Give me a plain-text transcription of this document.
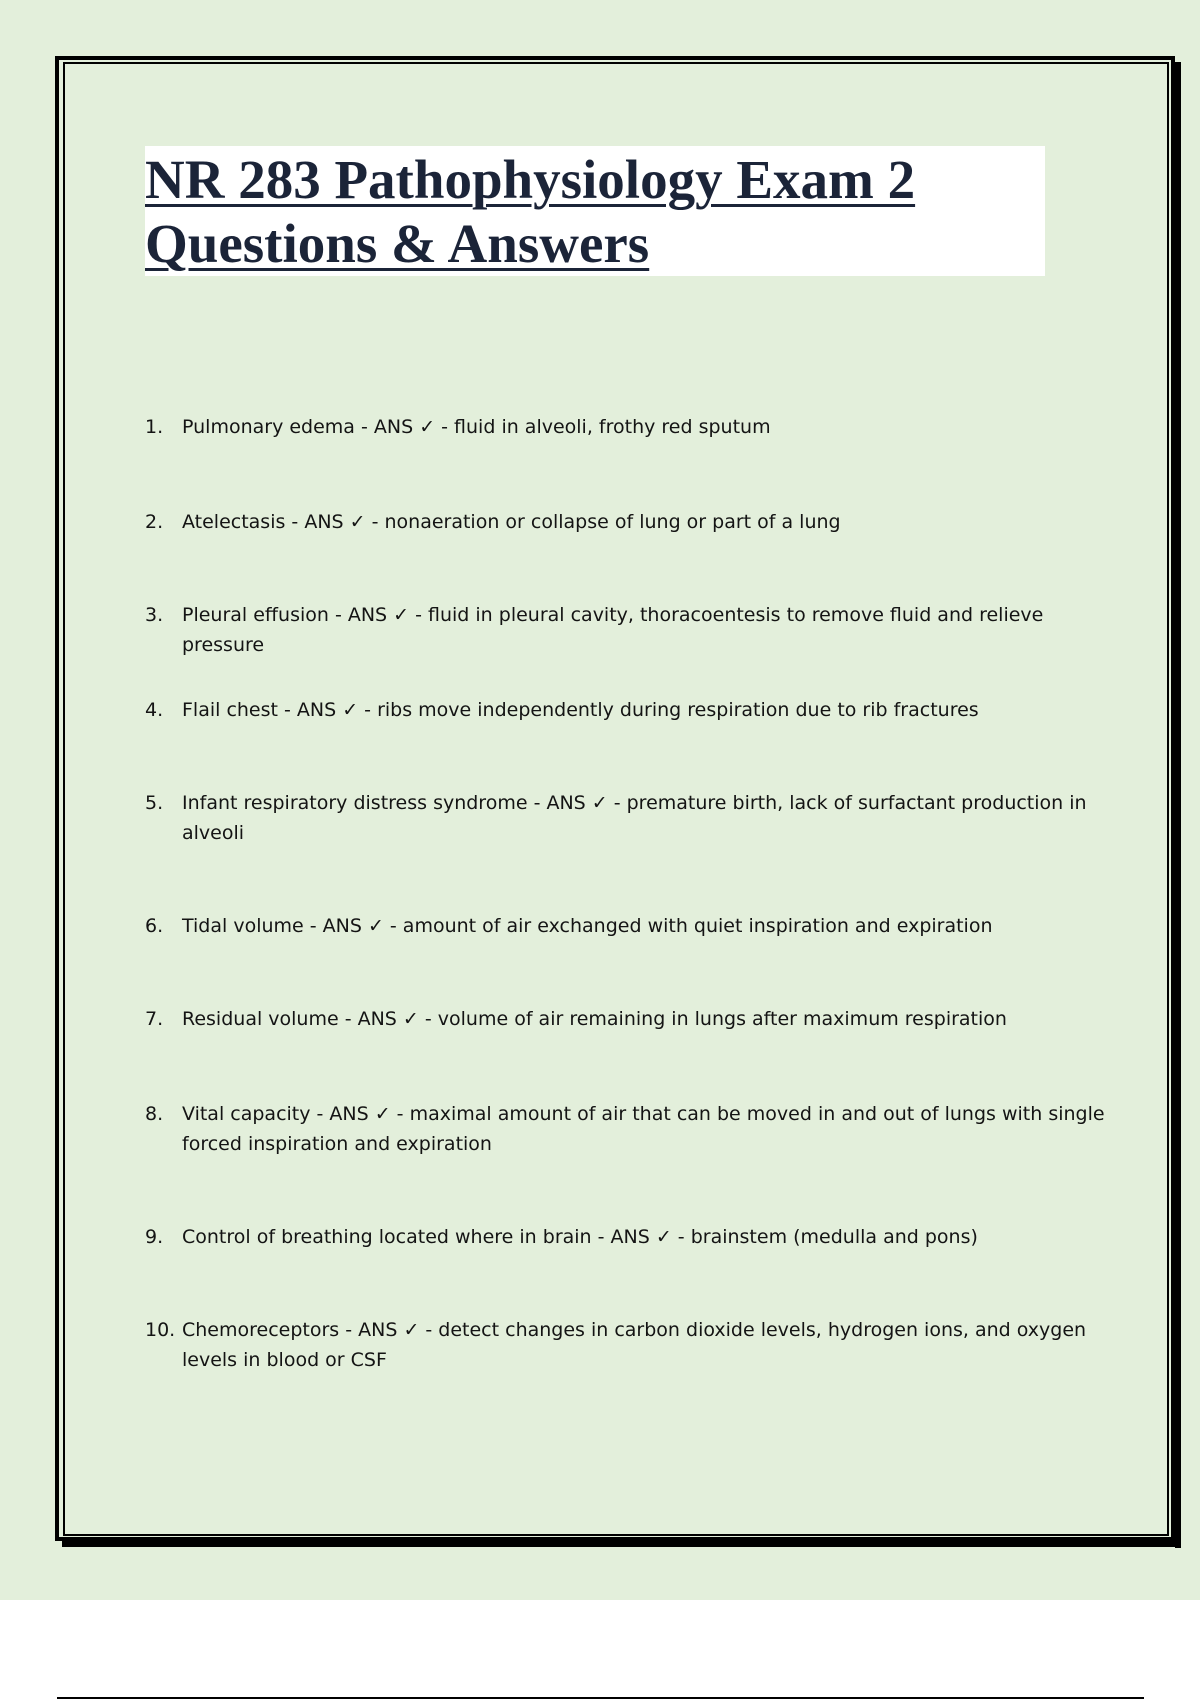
NR 283 Pathophysiology Exam 2
Questions & Answers
1. Pulmonary edema - ANS ✓ - fluid in alveoli, frothy red sputum
2. Atelectasis - ANS ✓ - nonaeration or collapse of lung or part of a lung
3. Pleural effusion - ANS ✓ - fluid in pleural cavity, thoracoentesis to remove fluid and relieve pressure
4. Flail chest - ANS ✓ - ribs move independently during respiration due to rib fractures
5. Infant respiratory distress syndrome - ANS ✓ - premature birth, lack of surfactant production in alveoli
6. Tidal volume - ANS ✓ - amount of air exchanged with quiet inspiration and expiration
7. Residual volume - ANS ✓ - volume of air remaining in lungs after maximum respiration
8. Vital capacity - ANS ✓ - maximal amount of air that can be moved in and out of lungs with single forced inspiration and expiration
9. Control of breathing located where in brain - ANS ✓ - brainstem (medulla and pons)
10. Chemoreceptors - ANS ✓ - detect changes in carbon dioxide levels, hydrogen ions, and oxygen levels in blood or CSF
